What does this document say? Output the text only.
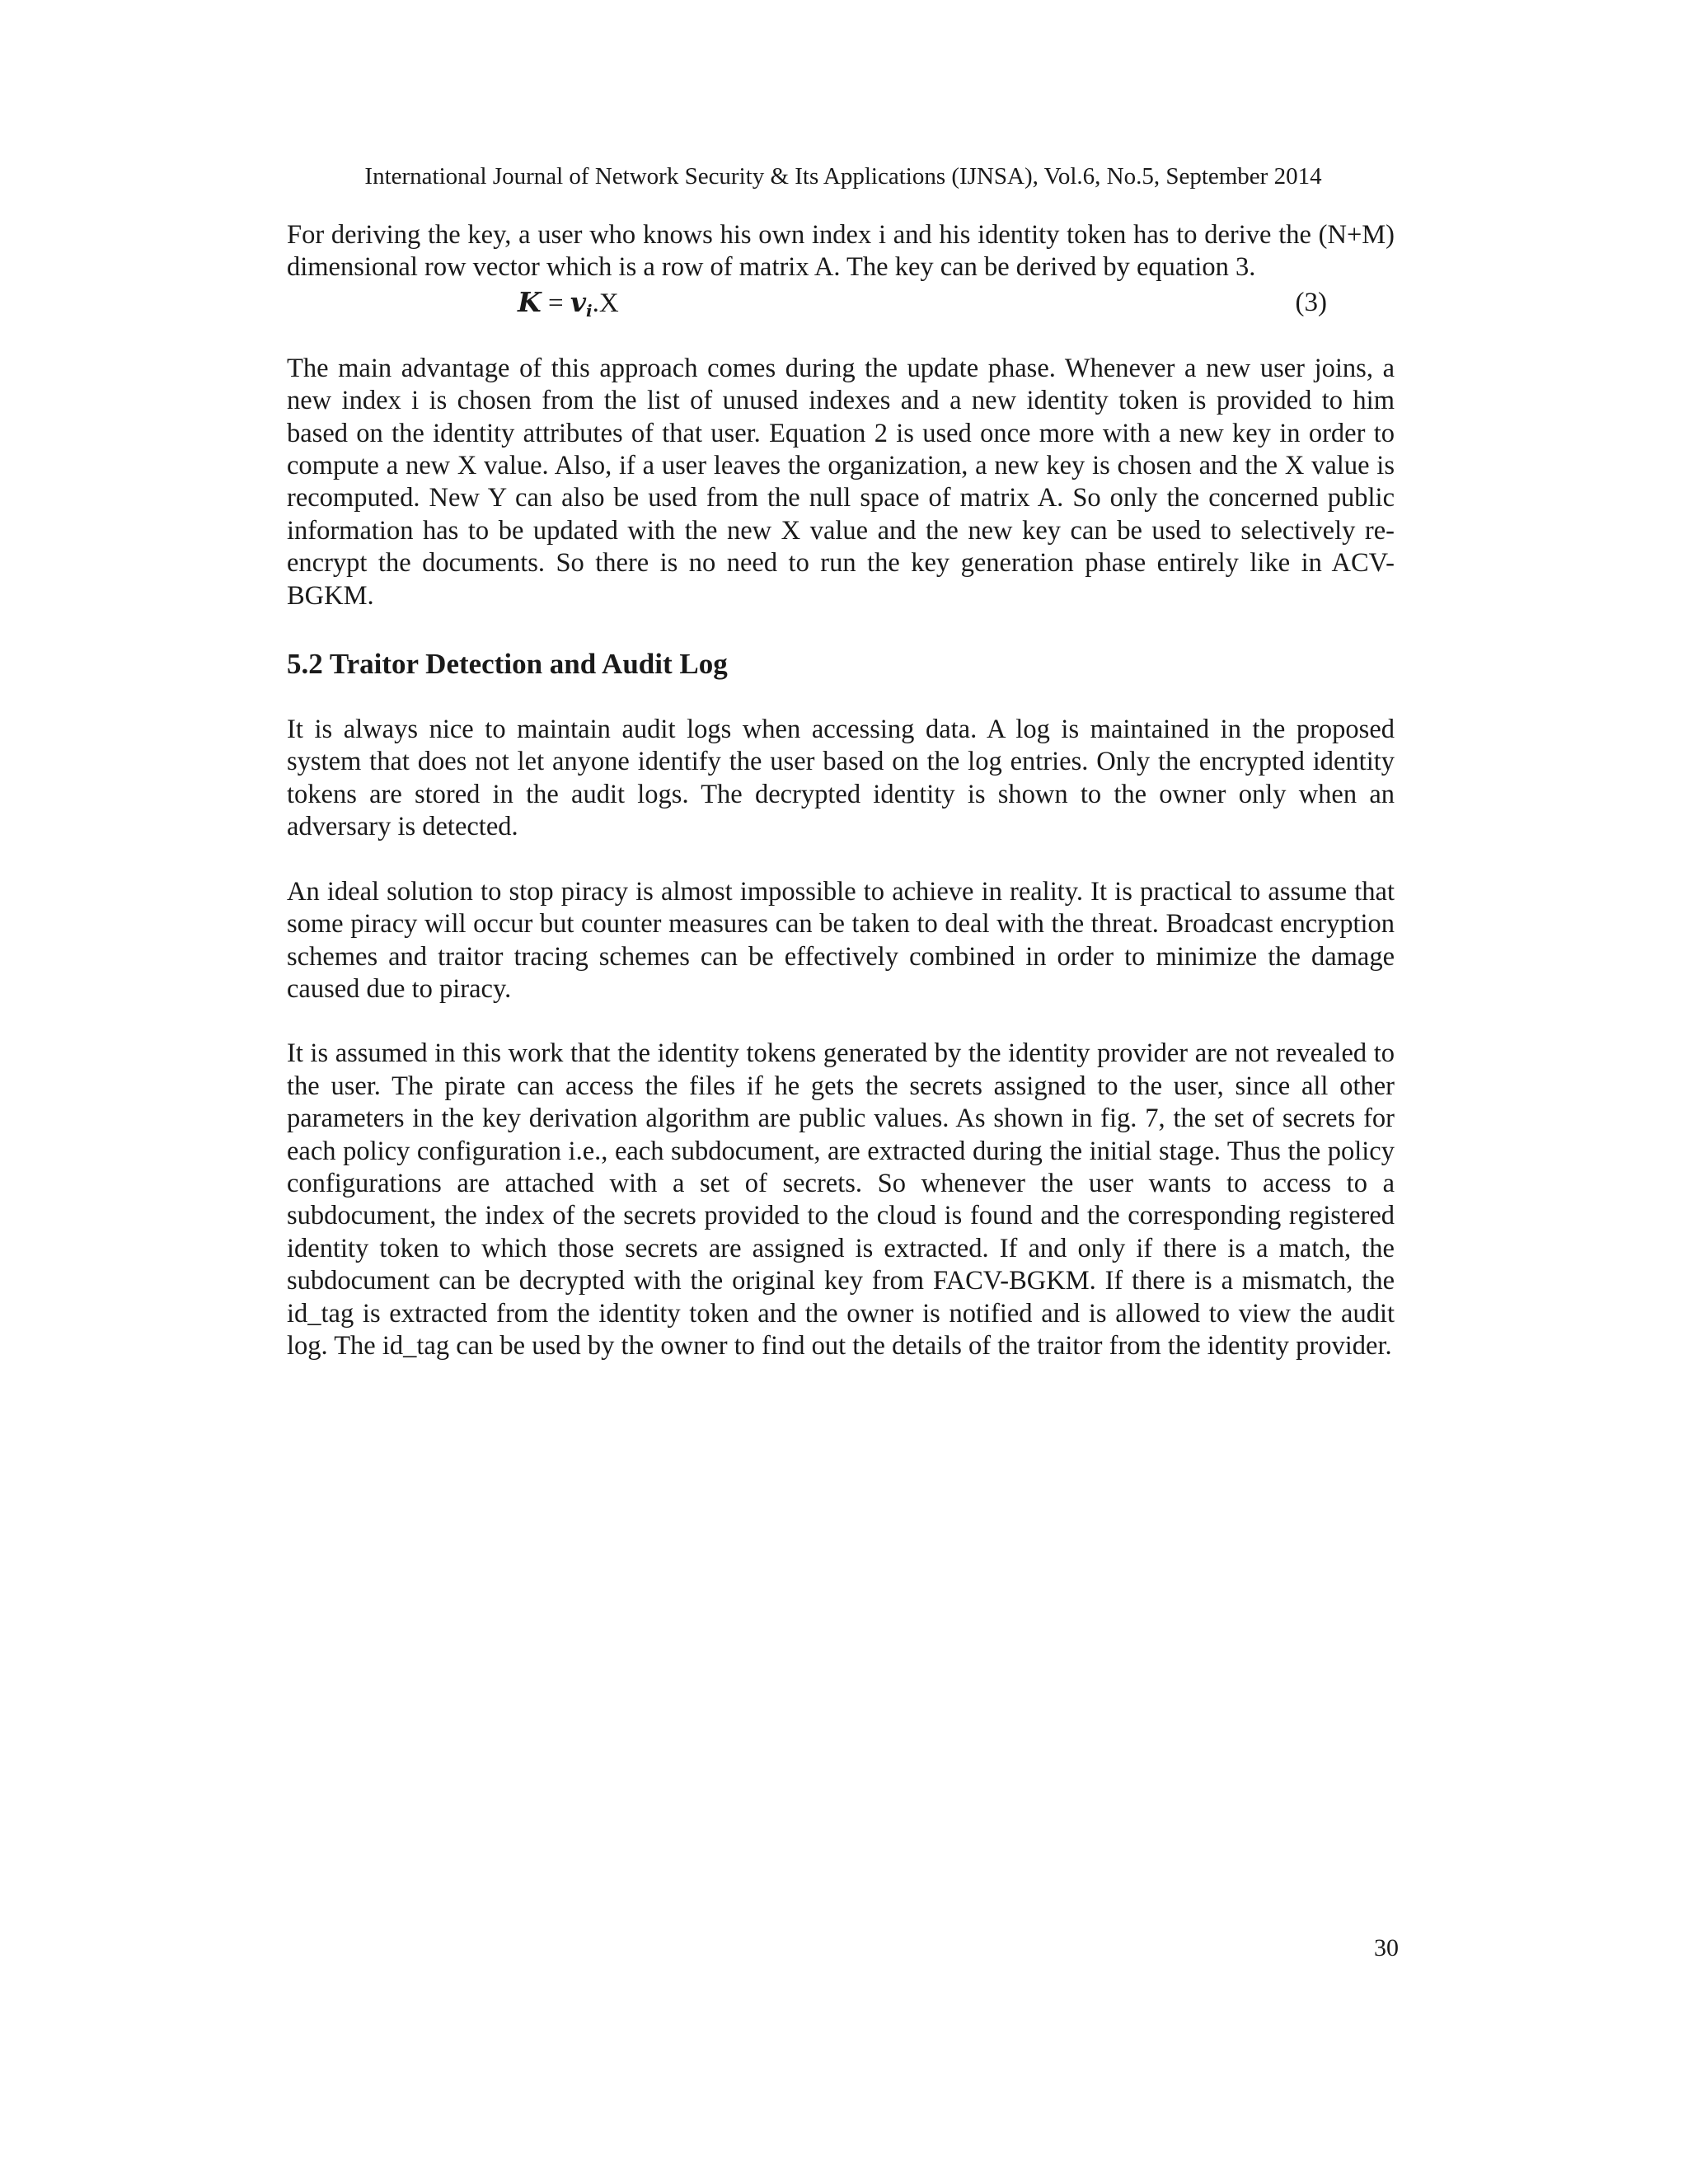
International Journal of Network Security & Its Applications (IJNSA), Vol.6, No.5, September 2014

For deriving the key, a user who knows his own index i and his identity token has to derive the (N+M) dimensional row vector which is a row of matrix A. The key can be derived by equation 3.

$K = v_i.X$	(3)

The main advantage of this approach comes during the update phase. Whenever a new user joins, a new index i is chosen from the list of unused indexes and a new identity token is provided to him based on the identity attributes of that user. Equation 2 is used once more with a new key in order to compute a new X value. Also, if a user leaves the organization, a new key is chosen and the X value is recomputed. New Y can also be used from the null space of matrix A. So only the concerned public information has to be updated with the new X value and the new key can be used to selectively re-encrypt the documents. So there is no need to run the key generation phase entirely like in ACV-BGKM.

5.2 Traitor Detection and Audit Log

It is always nice to maintain audit logs when accessing data. A log is maintained in the proposed system that does not let anyone identify the user based on the log entries. Only the encrypted identity tokens are stored in the audit logs. The decrypted identity is shown to the owner only when an adversary is detected.

An ideal solution to stop piracy is almost impossible to achieve in reality. It is practical to assume that some piracy will occur but counter measures can be taken to deal with the threat. Broadcast encryption schemes and traitor tracing schemes can be effectively combined in order to minimize the damage caused due to piracy.

It is assumed in this work that the identity tokens generated by the identity provider are not revealed to the user. The pirate can access the files if he gets the secrets assigned to the user, since all other parameters in the key derivation algorithm are public values. As shown in fig. 7, the set of secrets for each policy configuration i.e., each subdocument, are extracted during the initial stage. Thus the policy configurations are attached with a set of secrets. So whenever the user wants to access to a subdocument, the index of the secrets provided to the cloud is found and the corresponding registered identity token to which those secrets are assigned is extracted. If and only if there is a match, the subdocument can be decrypted with the original key from FACV-BGKM. If there is a mismatch, the id_tag is extracted from the identity token and the owner is notified and is allowed to view the audit log. The id_tag can be used by the owner to find out the details of the traitor from the identity provider.

30
